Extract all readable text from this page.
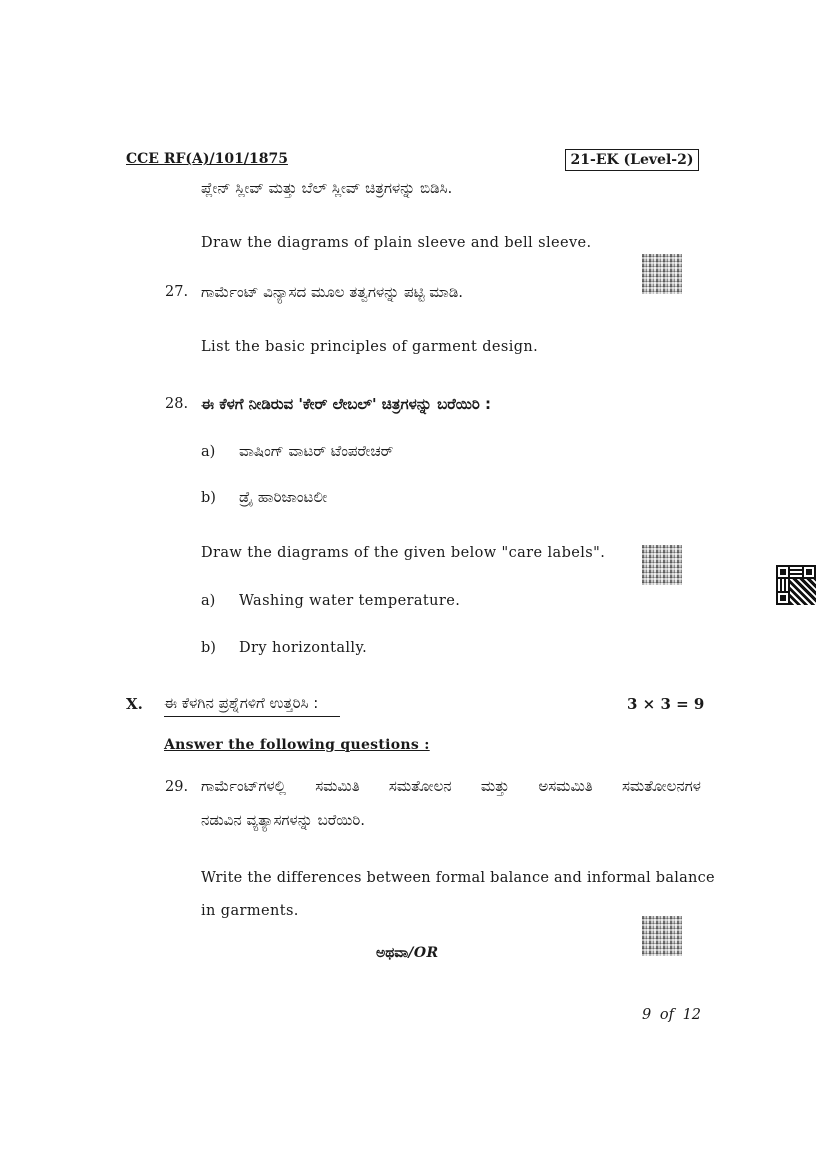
CCE RF(A)/101/1875	21-EK (Level-2)
ಪ್ಲೇನ್ ಸ್ಲೀವ್ ಮತ್ತು ಬೆಲ್ ಸ್ಲೀವ್ ಚಿತ್ರಗಳನ್ನು ಬಿಡಿಸಿ.
Draw the diagrams of plain sleeve and bell sleeve.
27. ಗಾರ್ಮೆಂಟ್ ವಿನ್ಯಾಸದ ಮೂಲ ತತ್ವಗಳನ್ನು ಪಟ್ಟಿ ಮಾಡಿ.
List the basic principles of garment design.
28. ಈ ಕೆಳಗೆ ನೀಡಿರುವ 'ಕೇರ್ ಲೇಬಲ್' ಚಿತ್ರಗಳನ್ನು ಬರೆಯಿರಿ :
a) ವಾಷಿಂಗ್ ವಾಟರ್ ಟೆಂಪರೇಚರ್
b) ಡ್ರೈ ಹಾರಿಜಾಂಟಲೀ
Draw the diagrams of the given below "care labels".
a) Washing water temperature.
b) Dry horizontally.
X. ಈ ಕೆಳಗಿನ ಪ್ರಶ್ನೆಗಳಿಗೆ ಉತ್ತರಿಸಿ :	3 × 3 = 9
Answer the following questions :
29. ಗಾರ್ಮೆಂಟ್‌ಗಳಲ್ಲಿ ಸಮಮಿತಿ ಸಮತೋಲನ ಮತ್ತು ಅಸಮಮಿತಿ ಸಮತೋಲನಗಳ
ನಡುವಿನ ವ್ಯತ್ಯಾಸಗಳನ್ನು ಬರೆಯಿರಿ.
Write the differences between formal balance and informal balance
in garments.
ಅಥವಾ/OR
9 of 12
